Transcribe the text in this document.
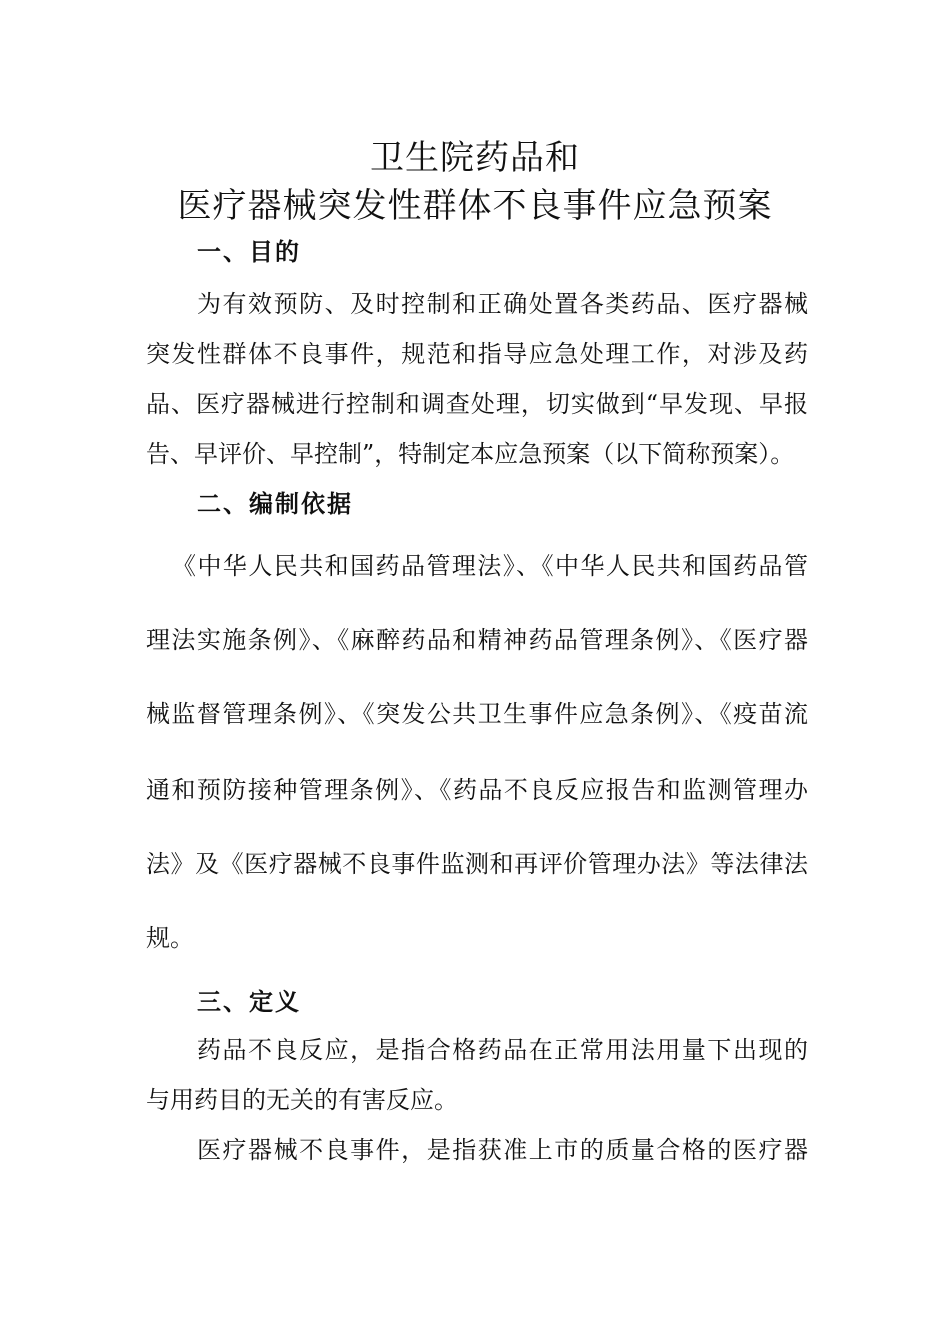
卫生院药品和
医疗器械突发性群体不良事件应急预案
一、目的
为有效预防、及时控制和正确处置各类药品、医疗器械
突发性群体不良事件，规范和指导应急处理工作，对涉及药
品、医疗器械进行控制和调查处理，切实做到“早发现、早报
告、早评价、早控制”，特制定本应急预案（以下简称预案）。
二、编制依据
《中华人民共和国药品管理法》、《中华人民共和国药品管
理法实施条例》、《麻醉药品和精神药品管理条例》、《医疗器
械监督管理条例》、《突发公共卫生事件应急条例》、《疫苗流
通和预防接种管理条例》、《药品不良反应报告和监测管理办
法》及《医疗器械不良事件监测和再评价管理办法》等法律法
规。
三、定义
药品不良反应，是指合格药品在正常用法用量下出现的
与用药目的无关的有害反应。
医疗器械不良事件，是指获准上市的质量合格的医疗器
